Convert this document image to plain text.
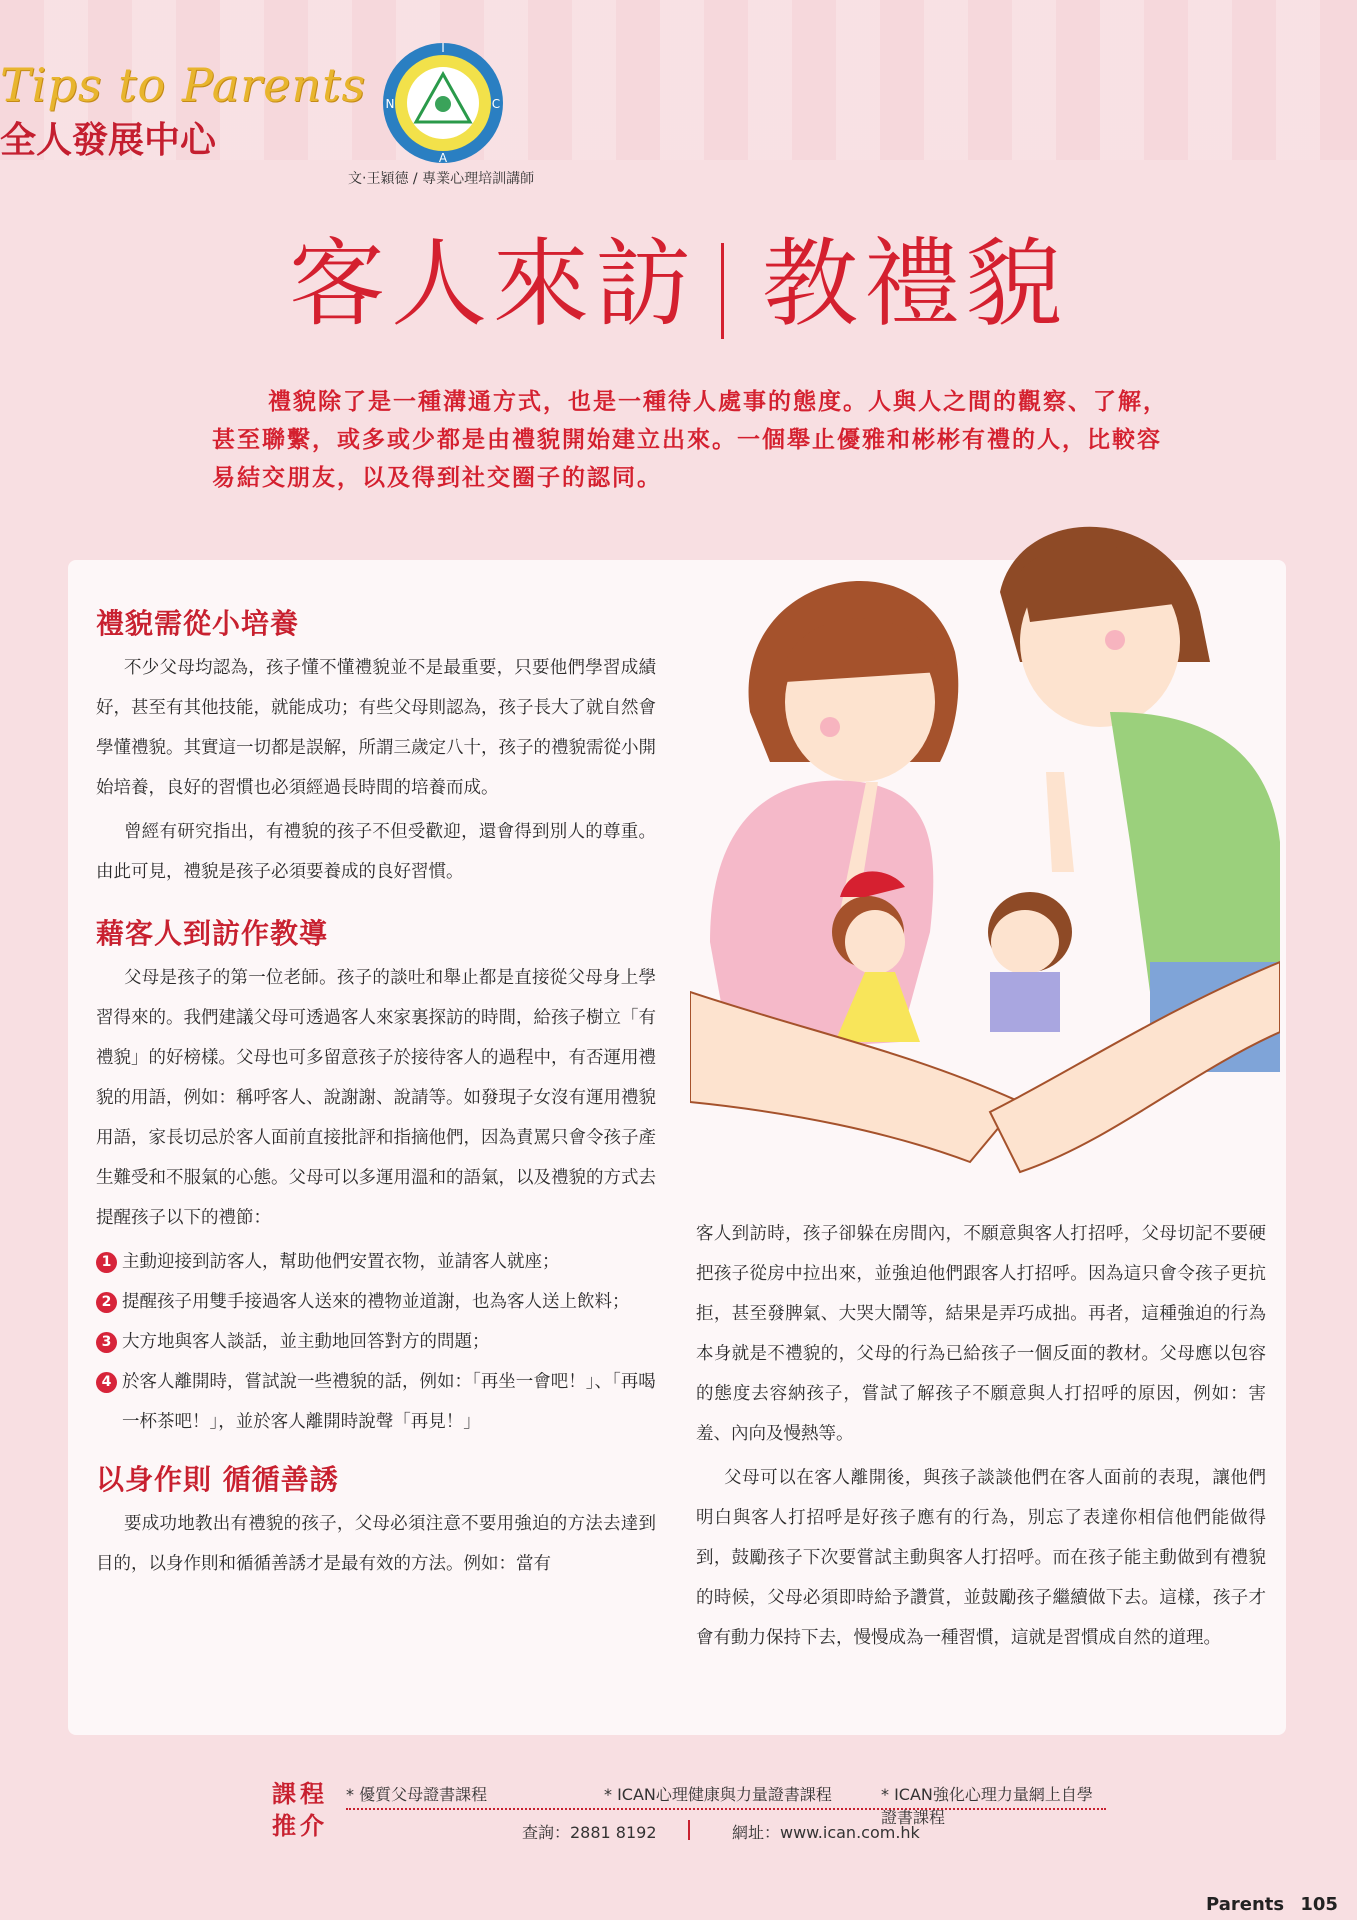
Tips to Parents
全人發展中心
I
N	C
A
文‧王穎德 / 專業心理培訓講師
客人來訪 教禮貌
禮貌除了是一種溝通方式，也是一種待人處事的態度。人與人之間的觀察、了解，甚至聯繫，或多或少都是由禮貌開始建立出來。一個舉止優雅和彬彬有禮的人，比較容易結交朋友，以及得到社交圈子的認同。
禮貌需從小培養

不少父母均認為，孩子懂不懂禮貌並不是最重要，只要他們學習成績好，甚至有其他技能，就能成功；有些父母則認為，孩子長大了就自然會學懂禮貌。其實這一切都是誤解，所謂三歲定八十，孩子的禮貌需從小開始培養，良好的習慣也必須經過長時間的培養而成。

曾經有研究指出，有禮貌的孩子不但受歡迎，還會得到別人的尊重。由此可見，禮貌是孩子必須要養成的良好習慣。

藉客人到訪作教導

父母是孩子的第一位老師。孩子的談吐和舉止都是直接從父母身上學習得來的。我們建議父母可透過客人來家裏探訪的時間，給孩子樹立「有禮貌」的好榜樣。父母也可多留意孩子於接待客人的過程中，有否運用禮貌的用語，例如：稱呼客人、說謝謝、說請等。如發現子女沒有運用禮貌用語，家長切忌於客人面前直接批評和指摘他們，因為責罵只會令孩子產生難受和不服氣的心態。父母可以多運用溫和的語氣，以及禮貌的方式去提醒孩子以下的禮節：

1 主動迎接到訪客人，幫助他們安置衣物，並請客人就座；
2 提醒孩子用雙手接過客人送來的禮物並道謝，也為客人送上飲料；
3 大方地與客人談話，並主動地回答對方的問題；
4 於客人離開時，嘗試說一些禮貌的話，例如：「再坐一會吧！」、「再喝一杯茶吧！」，並於客人離開時說聲「再見！」
以身作則 循循善誘

要成功地教出有禮貌的孩子，父母必須注意不要用強迫的方法去達到目的，以身作則和循循善誘才是最有效的方法。例如：當有

客人到訪時，孩子卻躲在房間內，不願意與客人打招呼，父母切記不要硬把孩子從房中拉出來，並強迫他們跟客人打招呼。因為這只會令孩子更抗拒，甚至發脾氣、大哭大鬧等，結果是弄巧成拙。再者，這種強迫的行為本身就是不禮貌的，父母的行為已給孩子一個反面的教材。父母應以包容的態度去容納孩子，嘗試了解孩子不願意與人打招呼的原因，例如：害羞、內向及慢熱等。

父母可以在客人離開後，與孩子談談他們在客人面前的表現，讓他們明白與客人打招呼是好孩子應有的行為，別忘了表達你相信他們能做得到，鼓勵孩子下次要嘗試主動與客人打招呼。而在孩子能主動做到有禮貌的時候，父母必須即時給予讚賞，並鼓勵孩子繼續做下去。這樣，孩子才會有動力保持下去，慢慢成為一種習慣，這就是習慣成自然的道理。

課程
推介
* 優質父母證書課程	* ICAN心理健康與力量證書課程	* ICAN強化心理力量網上自學證書課程
查詢：2881 8192	網址：www.ican.com.hk
Parents 105
